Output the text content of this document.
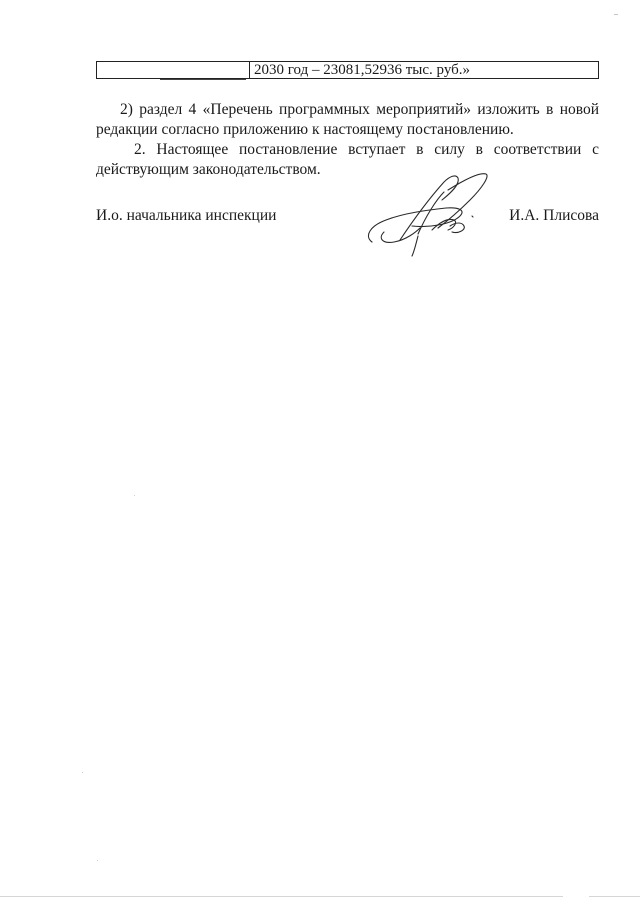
	2030 год – 23081,52936 тыс. руб.»

2) раздел 4 «Перечень программных мероприятий» изложить в новой редакции согласно приложению к настоящему постановлению.

2. Настоящее постановление вступает в силу в соответствии с действующим законодательством.

И.о. начальника инспекции	И.А. Плисова
